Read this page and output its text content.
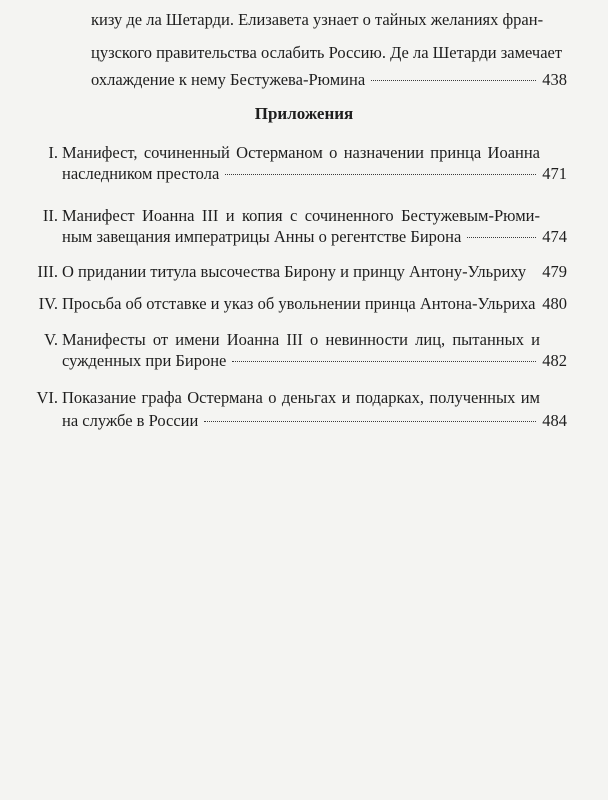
кизу де ла Шетарди. Елизавета узнает о тайных желаниях фран-
цузского правительства ослабить Россию. Де ла Шетарди замечает
охлаждение к нему Бестужева-Рюмина	438
Приложения
I. Манифест, сочиненный Остерманом о назначении принца Иоанна
наследником престола	471
II. Манифест Иоанна III и копия с сочиненного Бестужевым-Рюми-
ным завещания императрицы Анны о регентстве Бирона	474
III. О придании титула высочества Бирону и принцу Антону-Ульриху 479
IV. Просьба об отставке и указ об увольнении принца Антона-Ульриха 480
V. Манифесты от имени Иоанна III о невинности лиц, пытанных и
сужденных при Бироне	482
VI. Показание графа Остермана о деньгах и подарках, полученных им
на службе в России	484
